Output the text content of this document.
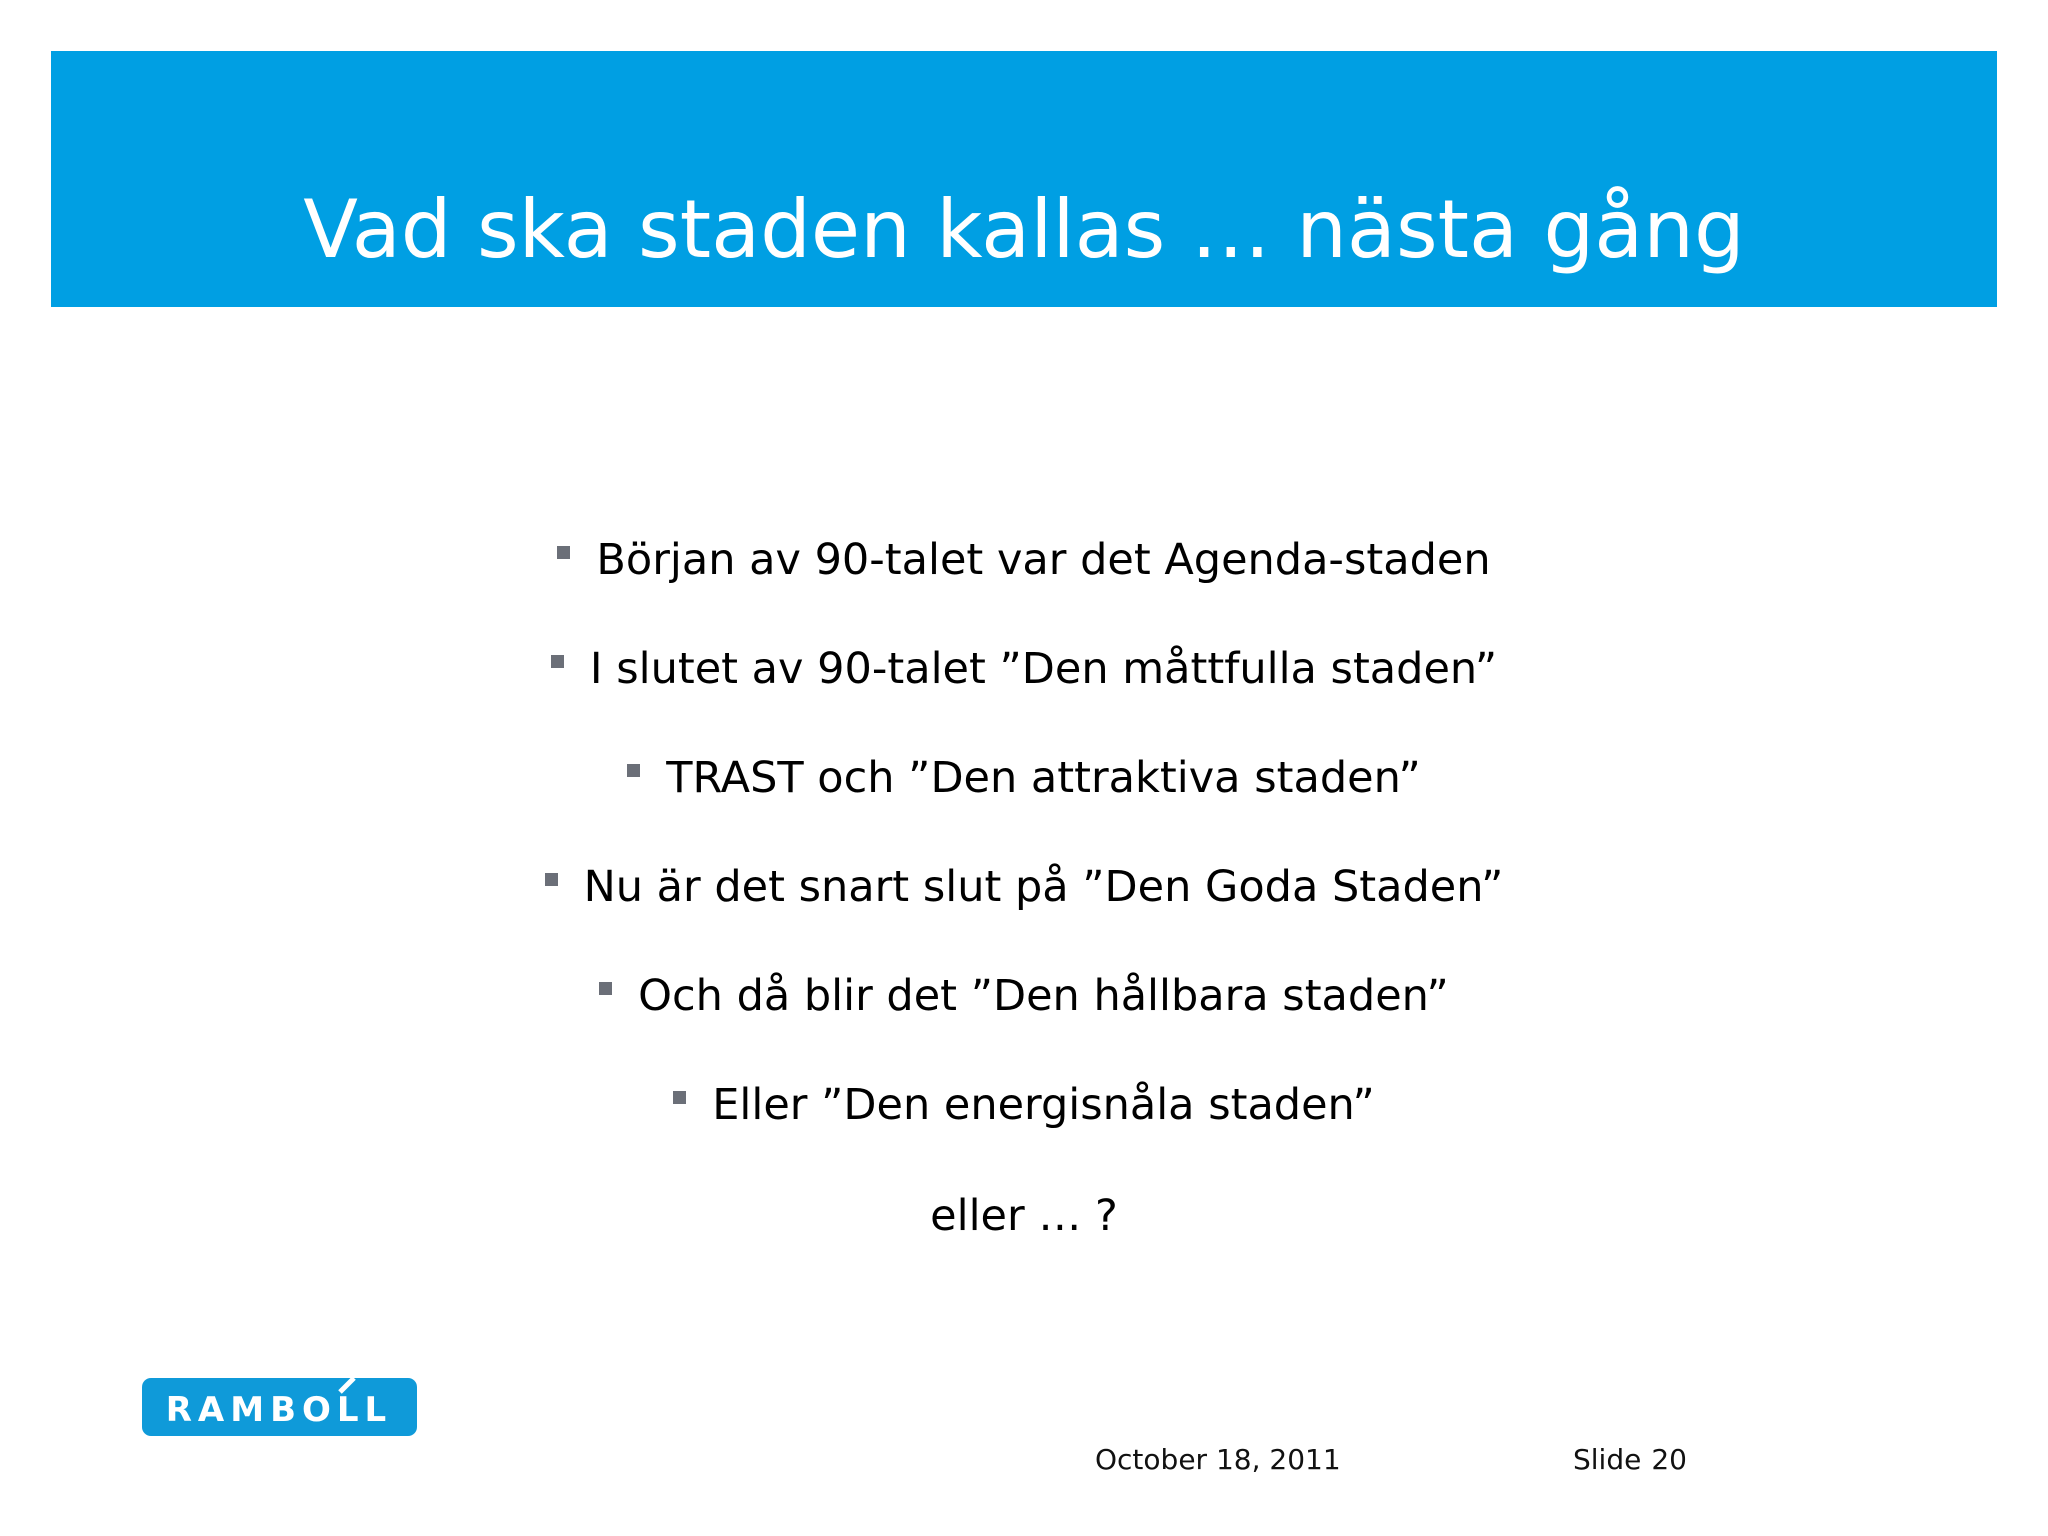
Vad ska staden kallas … nästa gång
Början av 90-talet var det Agenda-staden
I slutet av 90-talet ”Den måttfulla staden”
TRAST och ”Den attraktiva staden”
Nu är det snart slut på ”Den Goda Staden”
Och då blir det ”Den hållbara staden”
Eller ”Den energisnåla staden”

eller … ?

RAMBOLL
October 18, 2011	Slide 20
